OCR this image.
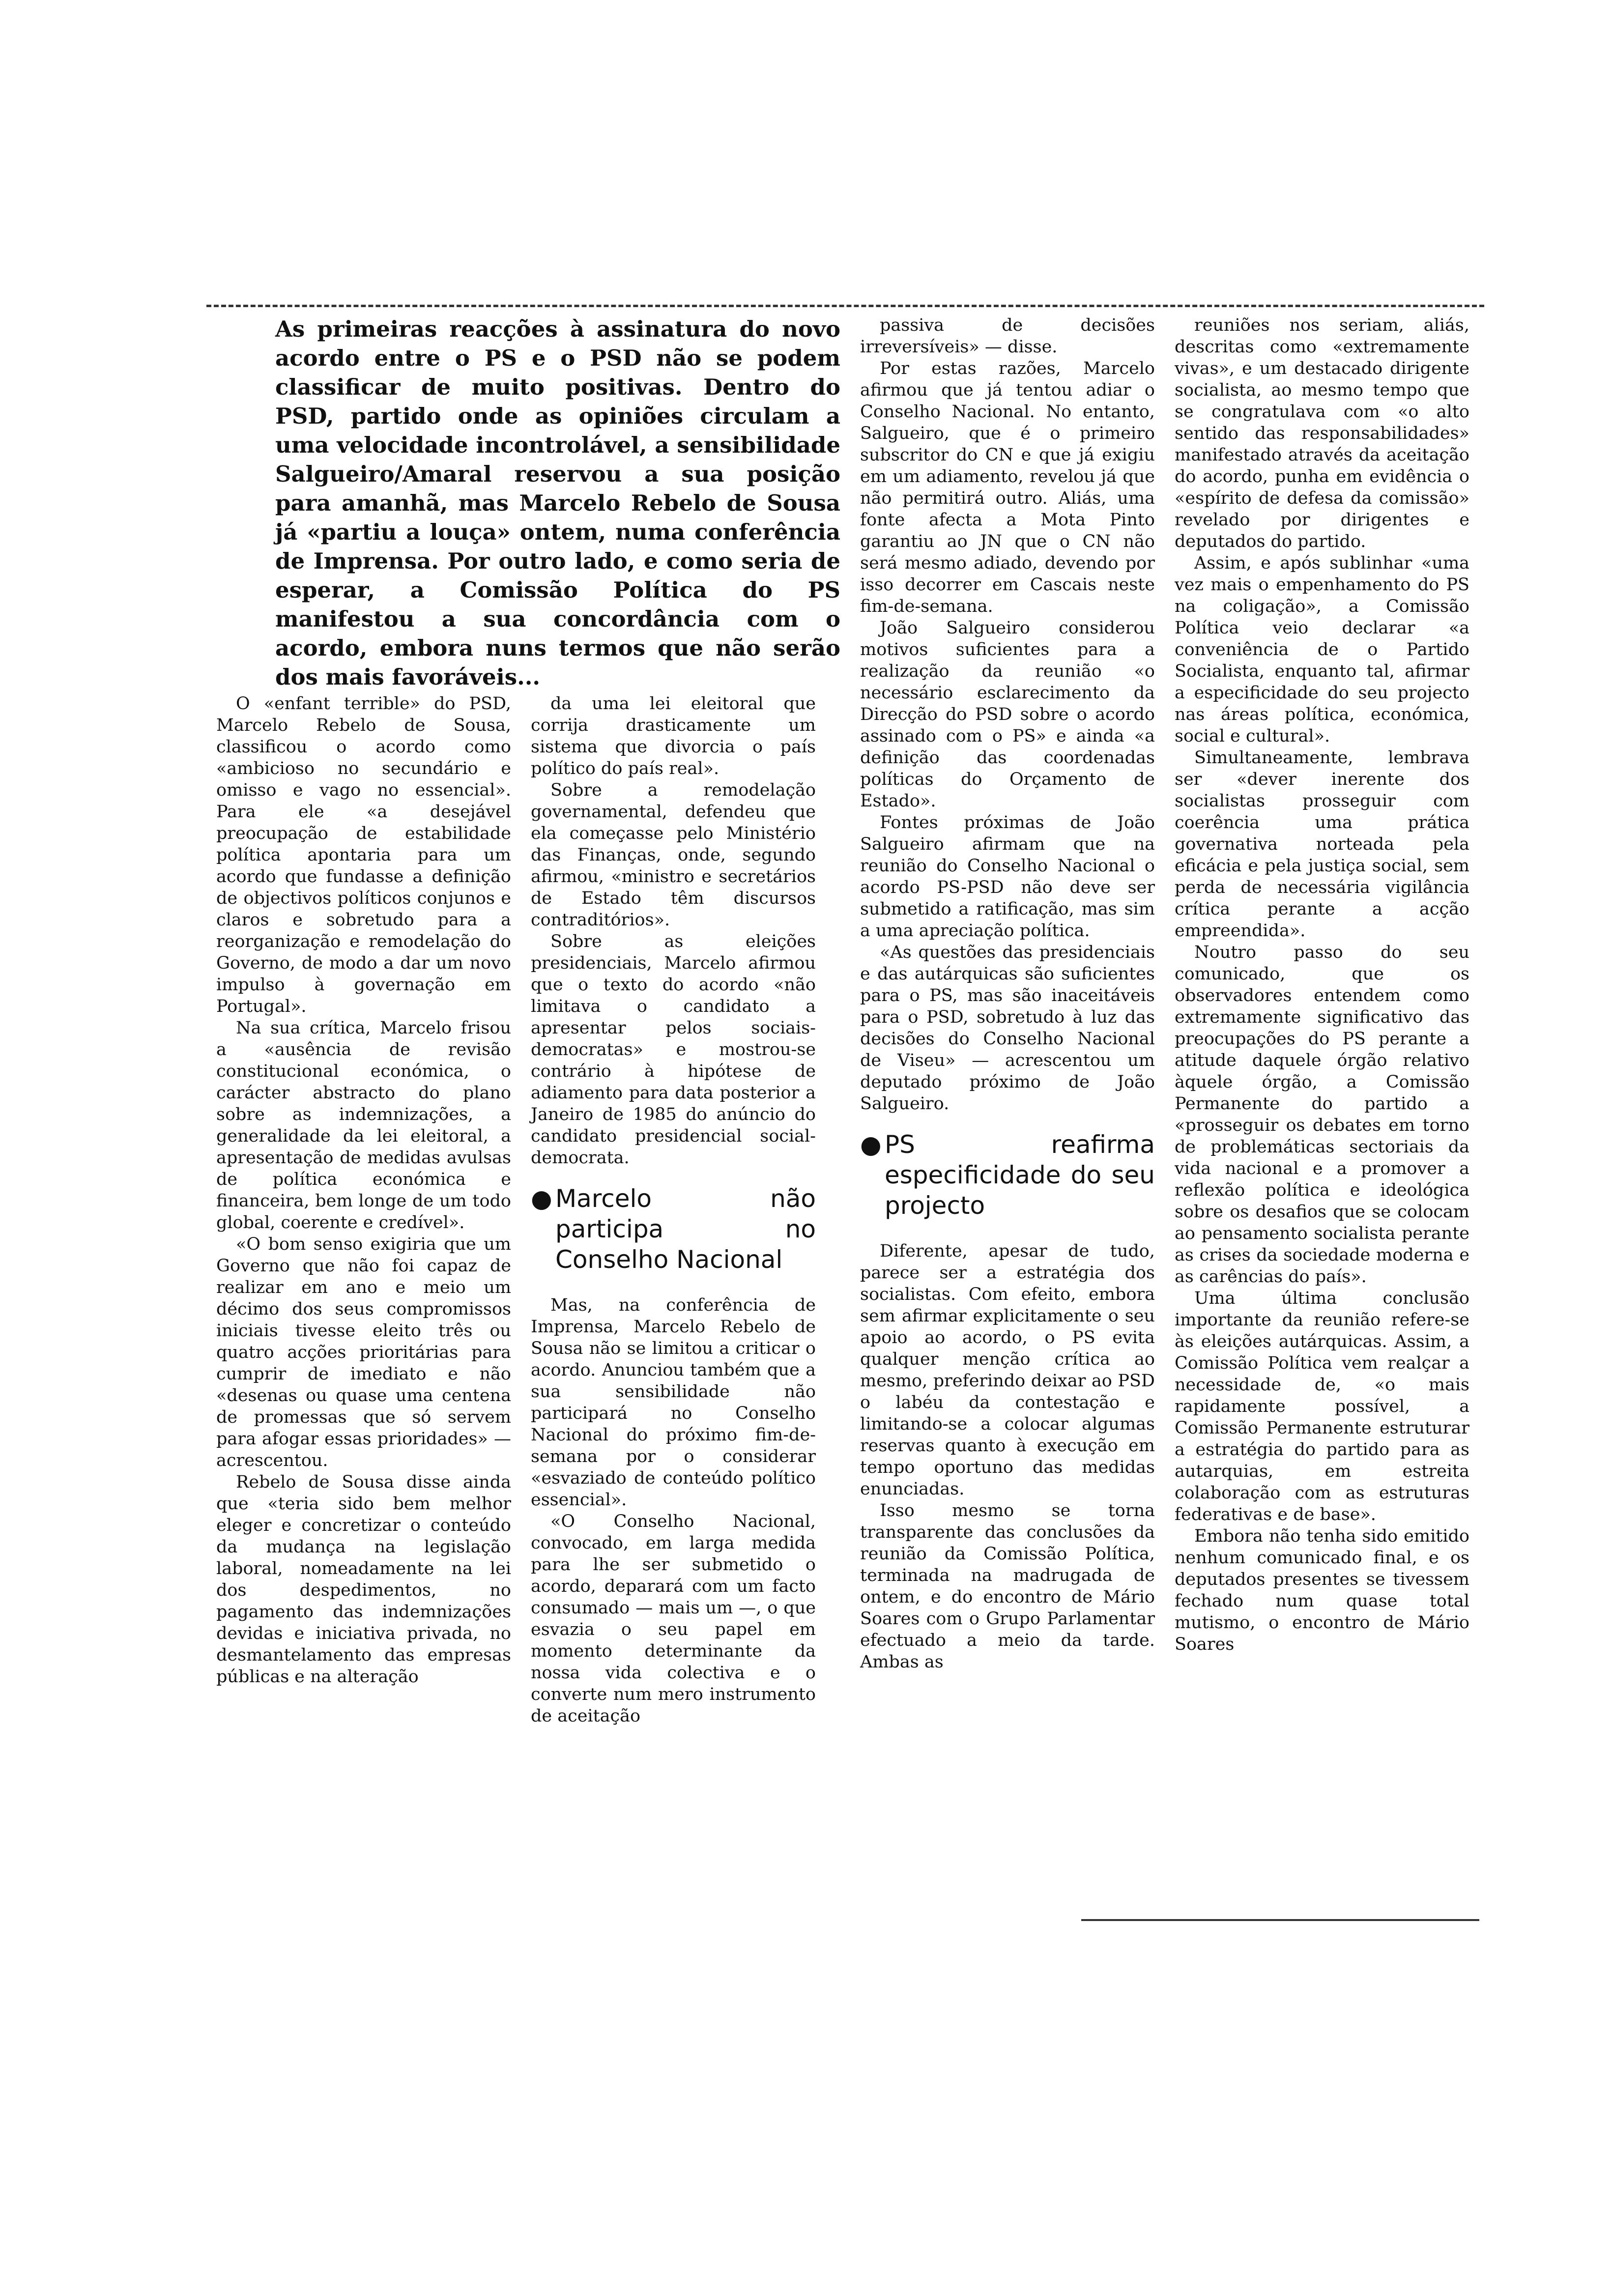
As primeiras reacções à assinatura do novo acordo entre o PS e o PSD não se podem classificar de muito positivas. Dentro do PSD, partido onde as opiniões circulam a uma velocidade incontrolável, a sensibilidade Salgueiro/Amaral reservou a sua posição para amanhã, mas Marcelo Rebelo de Sousa já «partiu a louça» ontem, numa conferência de Imprensa. Por outro lado, e como seria de esperar, a Comissão Política do PS manifestou a sua concordância com o acordo, embora nuns termos que não serão dos mais favoráveis...

O «enfant terrible» do PSD, Marcelo Rebelo de Sousa, classificou o acordo como «ambicioso no secundário e omisso e vago no essencial». Para ele «a desejável preocupação de estabilidade política apontaria para um acordo que fundasse a definição de objectivos políticos conjunos e claros e sobretudo para a reorganização e remodelação do Governo, de modo a dar um novo impulso à governação em Portugal».

Na sua crítica, Marcelo frisou a «ausência de revisão constitucional económica, o carácter abstracto do plano sobre as indemnizações, a generalidade da lei eleitoral, a apresentação de medidas avulsas de política económica e financeira, bem longe de um todo global, coerente e credível».

«O bom senso exigiria que um Governo que não foi capaz de realizar em ano e meio um décimo dos seus compromissos iniciais tivesse eleito três ou quatro acções prioritárias para cumprir de imediato e não «desenas ou quase uma centena de promessas que só servem para afogar essas prioridades» — acrescentou.

Rebelo de Sousa disse ainda que «teria sido bem melhor eleger e concretizar o conteúdo da mudança na legislação laboral, nomeadamente na lei dos despedimentos, no pagamento das indemnizações devidas e iniciativa privada, no desmantelamento das empresas públicas e na alteração

da uma lei eleitoral que corrija drasticamente um sistema que divorcia o país político do país real».

Sobre a remodelação governamental, defendeu que ela começasse pelo Ministério das Finanças, onde, segundo afirmou, «ministro e secretários de Estado têm discursos contraditórios».

Sobre as eleições presidenciais, Marcelo afirmou que o texto do acordo «não limitava o candidato a apresentar pelos sociais-democratas» e mostrou-se contrário à hipótese de adiamento para data posterior a Janeiro de 1985 do anúncio do candidato presidencial social-democrata.

● Marcelo não participa no Conselho Nacional

Mas, na conferência de Imprensa, Marcelo Rebelo de Sousa não se limitou a criticar o acordo. Anunciou também que a sua sensibilidade não participará no Conselho Nacional do próximo fim-de-semana por o considerar «esvaziado de conteúdo político essencial».

«O Conselho Nacional, convocado, em larga medida para lhe ser submetido o acordo, deparará com um facto consumado — mais um —, o que esvazia o seu papel em momento determinante da nossa vida colectiva e o converte num mero instrumento de aceitação

passiva de decisões irreversíveis» — disse.

Por estas razões, Marcelo afirmou que já tentou adiar o Conselho Nacional. No entanto, Salgueiro, que é o primeiro subscritor do CN e que já exigiu em um adiamento, revelou já que não permitirá outro. Aliás, uma fonte afecta a Mota Pinto garantiu ao JN que o CN não será mesmo adiado, devendo por isso decorrer em Cascais neste fim-de-semana.

João Salgueiro considerou motivos suficientes para a realização da reunião «o necessário esclarecimento da Direcção do PSD sobre o acordo assinado com o PS» e ainda «a definição das coordenadas políticas do Orçamento de Estado».

Fontes próximas de João Salgueiro afirmam que na reunião do Conselho Nacional o acordo PS-PSD não deve ser submetido a ratificação, mas sim a uma apreciação política.

«As questões das presidenciais e das autárquicas são suficientes para o PS, mas são inaceitáveis para o PSD, sobretudo à luz das decisões do Conselho Nacional de Viseu» — acrescentou um deputado próximo de João Salgueiro.

● PS reafirma especificidade do seu projecto

Diferente, apesar de tudo, parece ser a estratégia dos socialistas. Com efeito, embora sem afirmar explicitamente o seu apoio ao acordo, o PS evita qualquer menção crítica ao mesmo, preferindo deixar ao PSD o labéu da contestação e limitando-se a colocar algumas reservas quanto à execução em tempo oportuno das medidas enunciadas.

Isso mesmo se torna transparente das conclusões da reunião da Comissão Política, terminada na madrugada de ontem, e do encontro de Mário Soares com o Grupo Parlamentar efectuado a meio da tarde. Ambas as

reuniões nos seriam, aliás, descritas como «extremamente vivas», e um destacado dirigente socialista, ao mesmo tempo que se congratulava com «o alto sentido das responsabilidades» manifestado através da aceitação do acordo, punha em evidência o «espírito de defesa da comissão» revelado por dirigentes e deputados do partido.

Assim, e após sublinhar «uma vez mais o empenhamento do PS na coligação», a Comissão Política veio declarar «a conveniência de o Partido Socialista, enquanto tal, afirmar a especificidade do seu projecto nas áreas política, económica, social e cultural».

Simultaneamente, lembrava ser «dever inerente dos socialistas prosseguir com coerência uma prática governativa norteada pela eficácia e pela justiça social, sem perda de necessária vigilância crítica perante a acção empreendida».

Noutro passo do seu comunicado, que os observadores entendem como extremamente significativo das preocupações do PS perante a atitude daquele órgão relativo àquele órgão, a Comissão Permanente do partido a «prosseguir os debates em torno de problemáticas sectoriais da vida nacional e a promover a reflexão política e ideológica sobre os desafios que se colocam ao pensamento socialista perante as crises da sociedade moderna e as carências do país».

Uma última conclusão importante da reunião refere-se às eleições autárquicas. Assim, a Comissão Política vem realçar a necessidade de, «o mais rapidamente possível, a Comissão Permanente estruturar a estratégia do partido para as autarquias, em estreita colaboração com as estruturas federativas e de base».

Embora não tenha sido emitido nenhum comunicado final, e os deputados presentes se tivessem fechado num quase total mutismo, o encontro de Mário Soares
